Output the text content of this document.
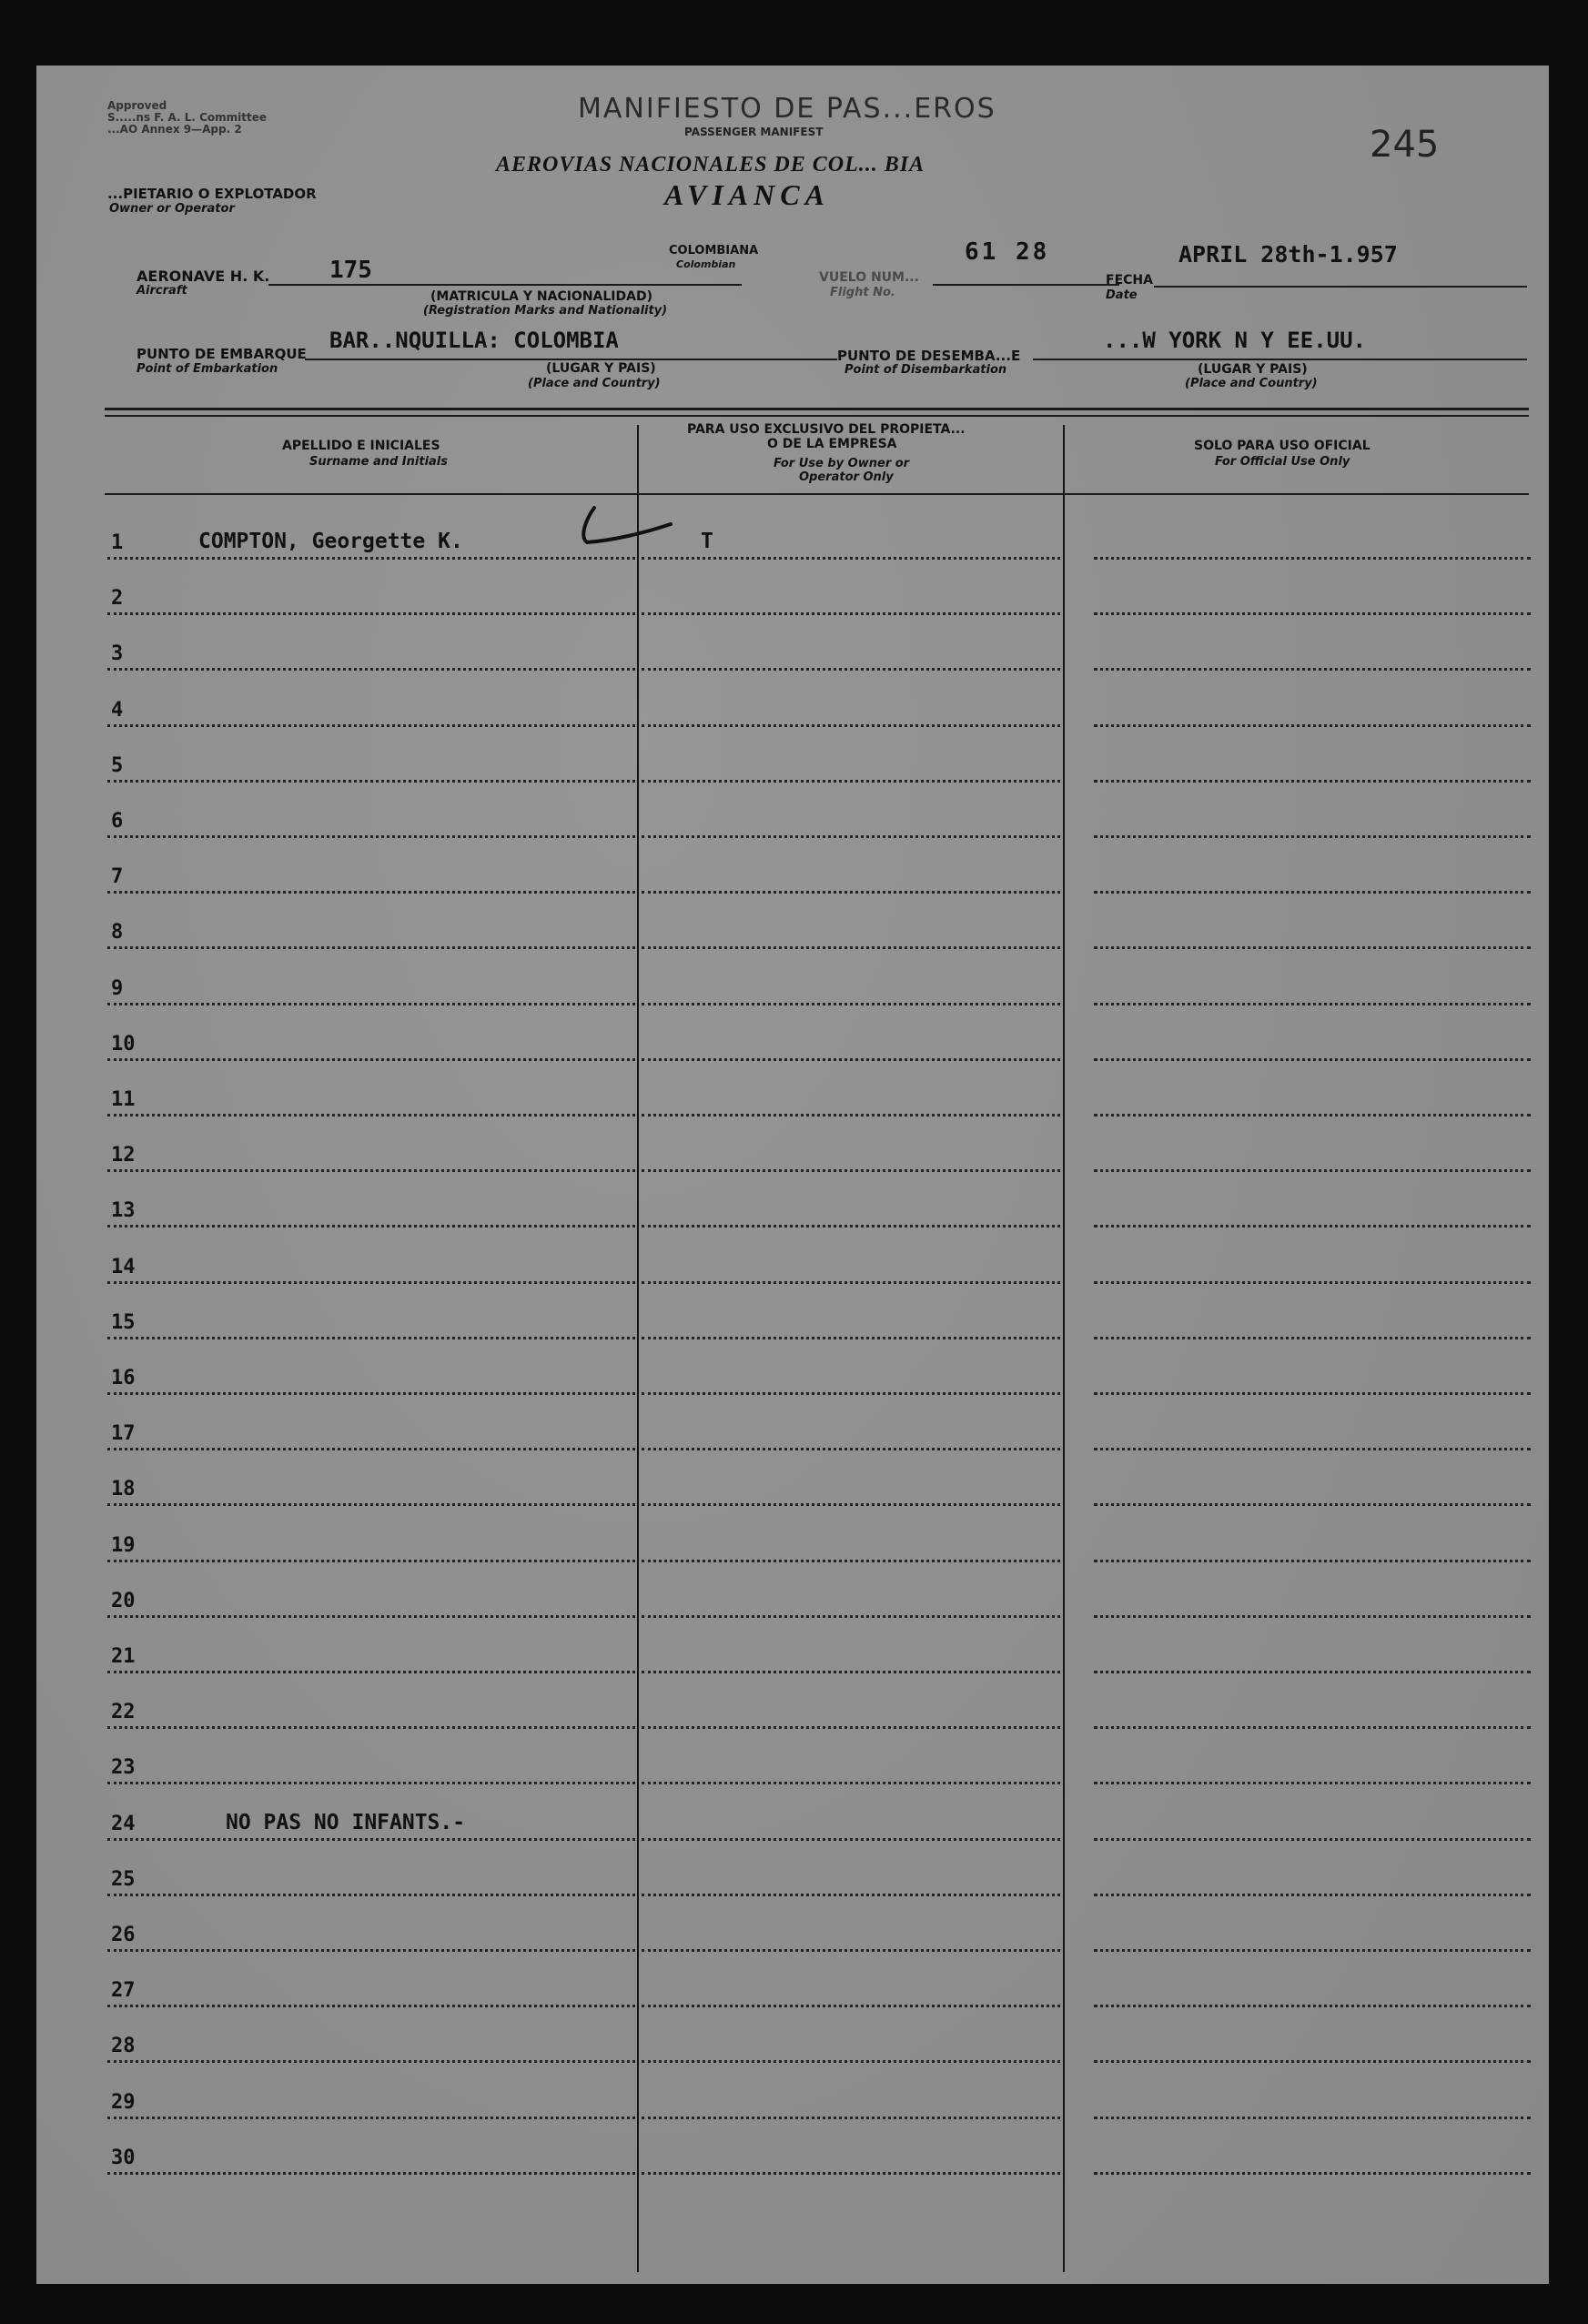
Approved
S.....ns F. A. L. Committee
...AO Annex 9—App. 2
MANIFIESTO DE PAS...EROS
PASSENGER MANIFEST
AEROVIAS NACIONALES DE COL... BIA
AVIANCA
245
...PIETARIO O EXPLOTADOR
Owner or Operator
AERONAVE H. K.
Aircraft
175
COLOMBIANA
Colombian
(MATRICULA Y NACIONALIDAD)
(Registration Marks and Nationality)
VUELO NUM...
Flight No.
61 28
FECHA
Date
APRIL 28th-1.957
PUNTO DE EMBARQUE
Point of Embarkation
BAR..NQUILLA: COLOMBIA
(LUGAR Y PAIS)
(Place and Country)
PUNTO DE DESEMBA...E
Point of Disembarkation
...W YORK N Y EE.UU.
(LUGAR Y PAIS)
(Place and Country)
APELLIDO E INICIALES
Surname and Initials
PARA USO EXCLUSIVO DEL PROPIETA...
O DE LA EMPRESA
For Use by Owner or
Operator Only
SOLO PARA USO OFICIAL
For Official Use Only
1	COMPTON, Georgette K.	T
2
3
4
5
6
7
8
9
10
11
12
13
14
15
16
17
18
19
20
21
22
23
24	NO PAS NO INFANTS.-
25
26
27
28
29
30
